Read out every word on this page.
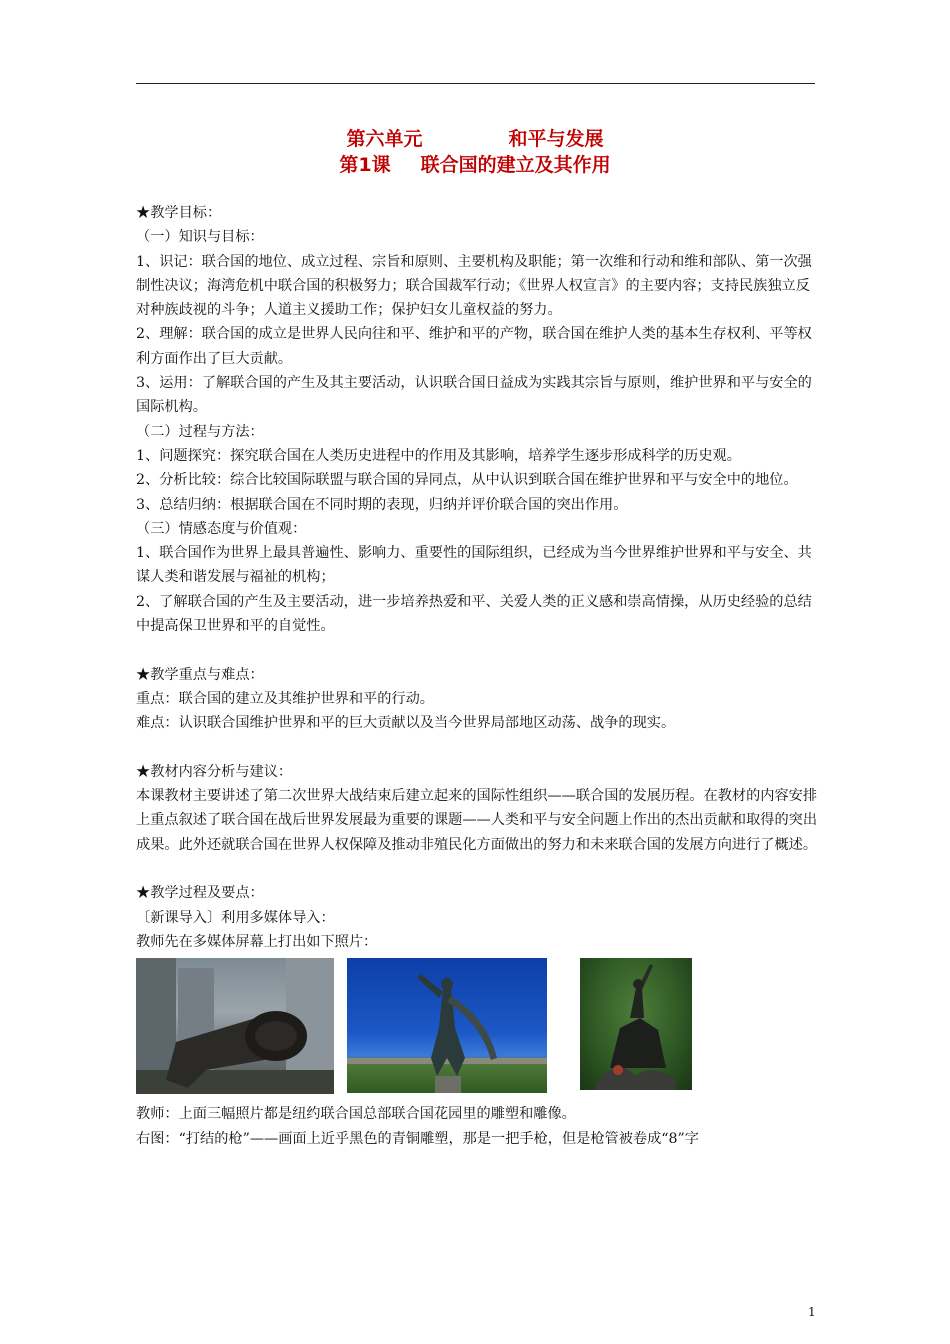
第六单元	和平与发展
第1课 联合国的建立及其作用

★教学目标：

（一）知识与目标：

1、识记：联合国的地位、成立过程、宗旨和原则、主要机构及职能；第一次维和行动和维和部队、第一次强制性决议；海湾危机中联合国的积极努力；联合国裁军行动；《世界人权宣言》的主要内容；支持民族独立反对种族歧视的斗争；人道主义援助工作；保护妇女儿童权益的努力。

2、理解：联合国的成立是世界人民向往和平、维护和平的产物，联合国在维护人类的基本生存权利、平等权利方面作出了巨大贡献。

3、运用：了解联合国的产生及其主要活动，认识联合国日益成为实践其宗旨与原则，维护世界和平与安全的国际机构。

（二）过程与方法：

1、问题探究：探究联合国在人类历史进程中的作用及其影响，培养学生逐步形成科学的历史观。

2、分析比较：综合比较国际联盟与联合国的异同点，从中认识到联合国在维护世界和平与安全中的地位。

3、总结归纳：根据联合国在不同时期的表现，归纳并评价联合国的突出作用。

（三）情感态度与价值观：

1、联合国作为世界上最具普遍性、影响力、重要性的国际组织，已经成为当今世界维护世界和平与安全、共谋人类和谐发展与福祉的机构；

2、了解联合国的产生及主要活动，进一步培养热爱和平、关爱人类的正义感和崇高情操，从历史经验的总结中提高保卫世界和平的自觉性。

★教学重点与难点：

重点：联合国的建立及其维护世界和平的行动。

难点：认识联合国维护世界和平的巨大贡献以及当今世界局部地区动荡、战争的现实。

★教材内容分析与建议：

本课教材主要讲述了第二次世界大战结束后建立起来的国际性组织——联合国的发展历程。在教材的内容安排上重点叙述了联合国在战后世界发展最为重要的课题——人类和平与安全问题上作出的杰出贡献和取得的突出成果。此外还就联合国在世界人权保障及推动非殖民化方面做出的努力和未来联合国的发展方向进行了概述。

★教学过程及要点：

〔新课导入〕利用多媒体导入：

教师先在多媒体屏幕上打出如下照片：

教师：上面三幅照片都是纽约联合国总部联合国花园里的雕塑和雕像。

右图：“打结的枪”——画面上近乎黑色的青铜雕塑，那是一把手枪，但是枪管被卷成“8”字

1
